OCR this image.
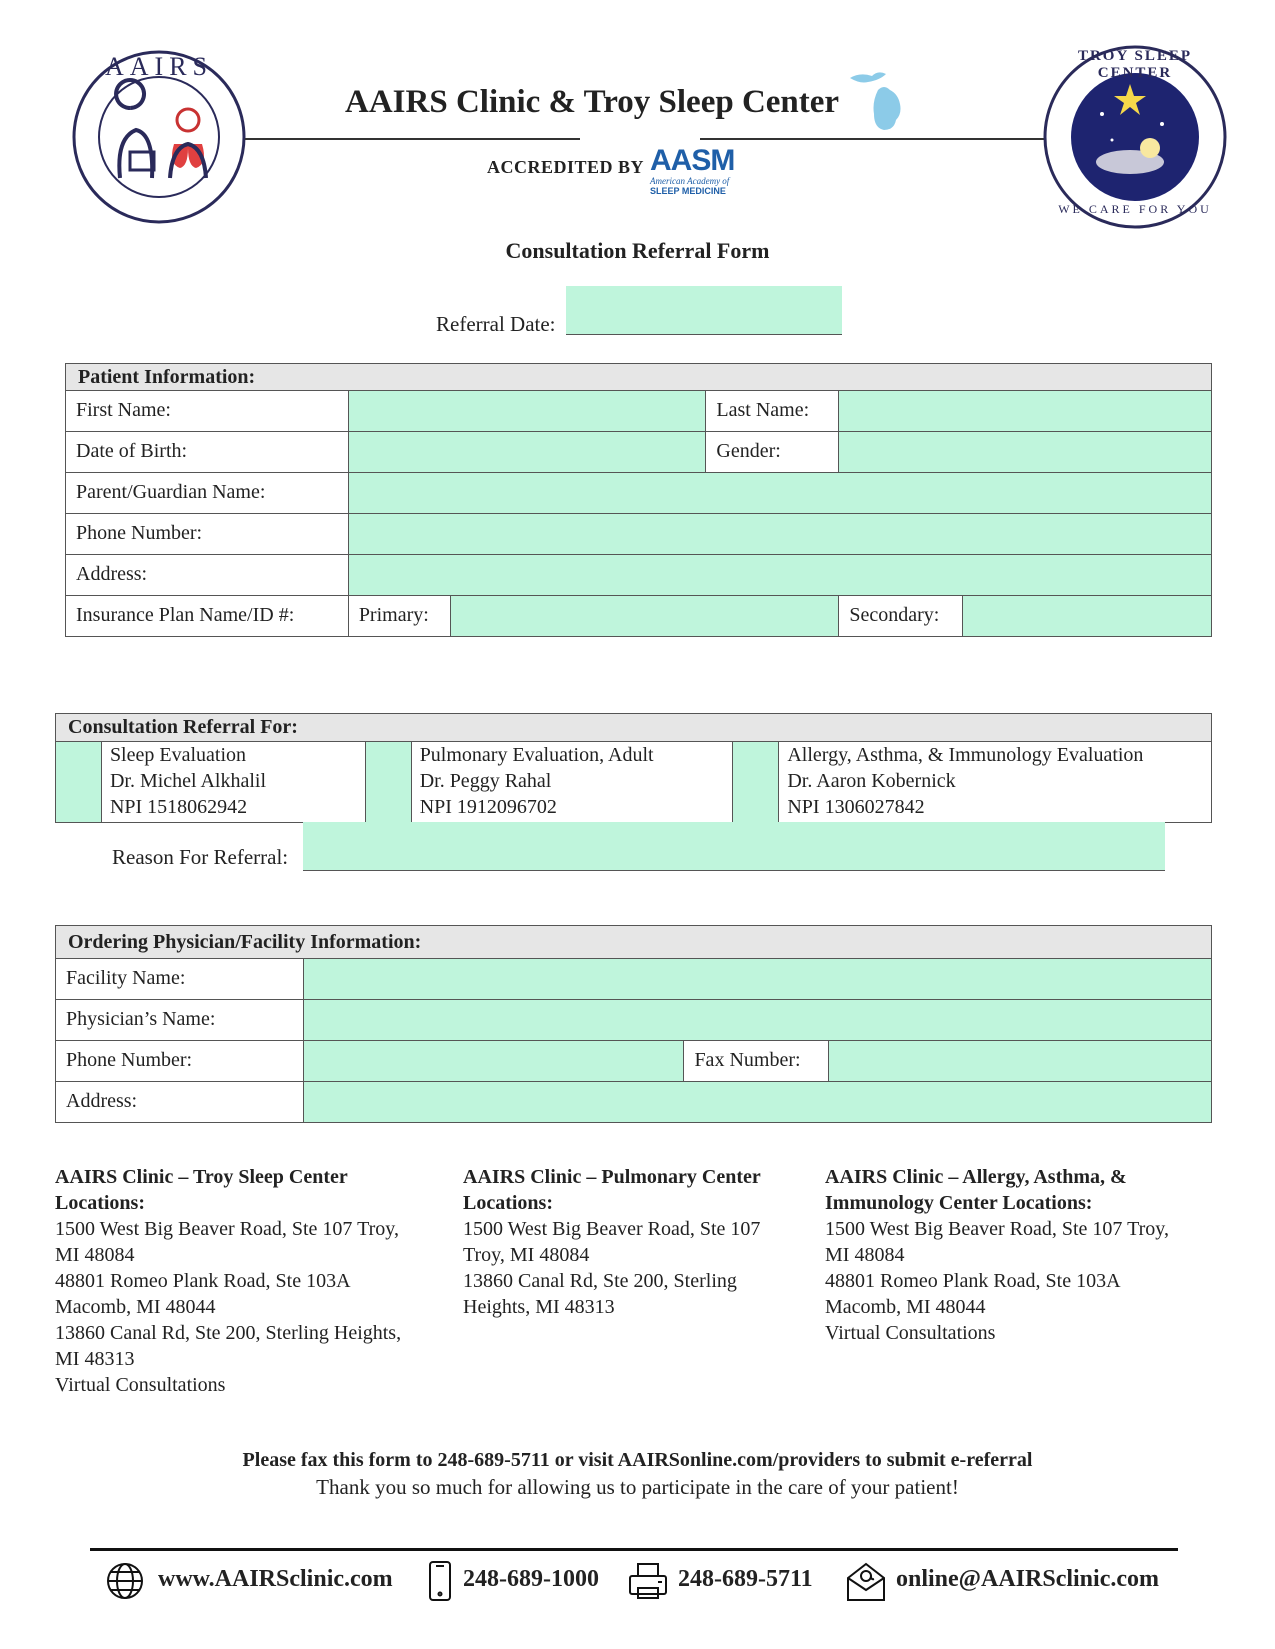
AAIRS
AAIRS Clinic & Troy Sleep Center
ACCREDITED BY AASM
American Academy of
SLEEP MEDICINE
TROY SLEEP CENTER
WE CARE FOR YOU
Consultation Referral Form
Referral Date:
Patient Information:
First Name:			Last Name:		
Date of Birth:			Gender:		
Parent/Guardian Name:					
Phone Number:					
Address:					
Insurance Plan Name/ID #:	Primary:			Secondary:	
Consultation Referral For:

Sleep Evaluation
Dr. Michel Alkhalil
NPI 1518062942

Pulmonary Evaluation, Adult
Dr. Peggy Rahal
NPI 1912096702

Allergy, Asthma, & Immunology Evaluation
Dr. Aaron Kobernick
NPI 1306027842
Reason For Referral:
Ordering Physician/Facility Information:
Facility Name:			
Physician’s Name:			
Phone Number:		Fax Number:	
Address:			
AAIRS Clinic – Troy Sleep Center
Locations:
1500 West Big Beaver Road, Ste 107 Troy,
MI 48084
48801 Romeo Plank Road, Ste 103A
Macomb, MI 48044
13860 Canal Rd, Ste 200, Sterling Heights,
MI 48313
Virtual Consultations
AAIRS Clinic – Pulmonary Center
Locations:
1500 West Big Beaver Road, Ste 107
Troy, MI 48084
13860 Canal Rd, Ste 200, Sterling
Heights, MI 48313
AAIRS Clinic – Allergy, Asthma, &
Immunology Center Locations:
1500 West Big Beaver Road, Ste 107 Troy,
MI 48084
48801 Romeo Plank Road, Ste 103A
Macomb, MI 48044
Virtual Consultations
Please fax this form to 248-689-5711 or visit AAIRSonline.com/providers to submit e-referral
Thank you so much for allowing us to participate in the care of your patient!
www.AAIRSclinic.com	248-689-1000	248-689-5711	online@AAIRSclinic.com
